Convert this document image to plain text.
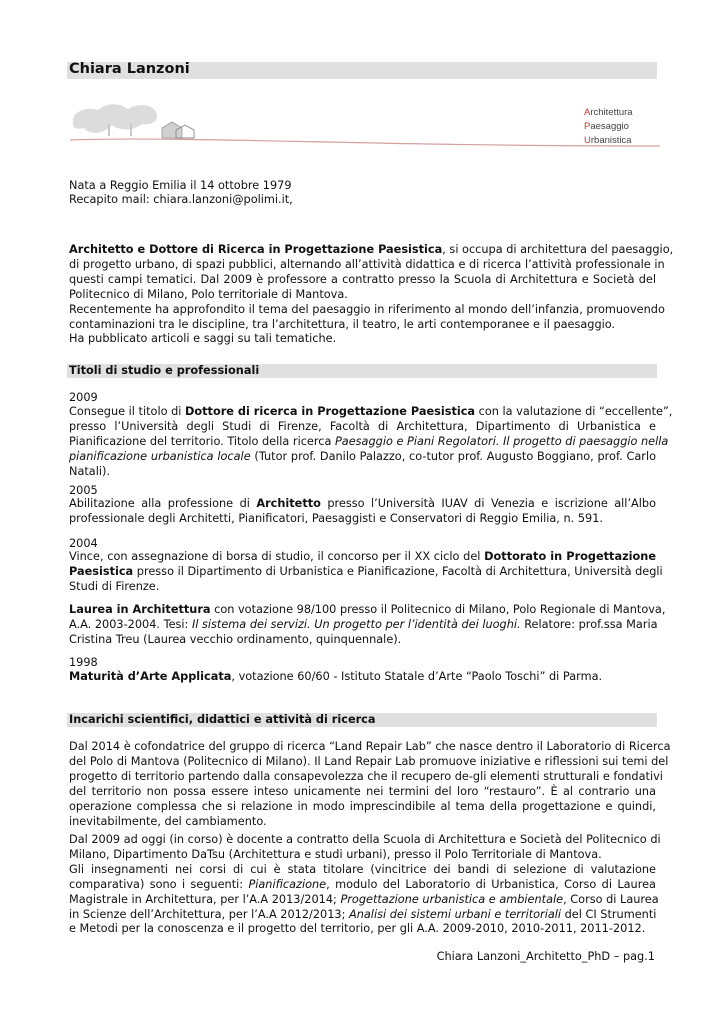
Chiara Lanzoni
Architettura
Paesaggio
Urbanistica

Nata a Reggio Emilia il 14 ottobre 1979

Recapito mail: chiara.lanzoni@polimi.it,

Architetto e Dottore di Ricerca in Progettazione Paesistica, si occupa di architettura del paesaggio,

di progetto urbano, di spazi pubblici, alternando all’attività didattica e di ricerca l’attività professionale in

questi campi tematici. Dal 2009 è professore a contratto presso la Scuola di Architettura e Società del

Politecnico di Milano, Polo territoriale di Mantova.

Recentemente ha approfondito il tema del paesaggio in riferimento al mondo dell’infanzia, promuovendo

contaminazioni tra le discipline, tra l’architettura, il teatro, le arti contemporanee e il paesaggio.

Ha pubblicato articoli e saggi su tali tematiche.

Titoli di studio e professionali

2009

Consegue il titolo di Dottore di ricerca in Progettazione Paesistica con la valutazione di “eccellente”,

presso l’Università degli Studi di Firenze, Facoltà di Architettura, Dipartimento di Urbanistica e

Pianificazione del territorio. Titolo della ricerca Paesaggio e Piani Regolatori. Il progetto di paesaggio nella

pianificazione urbanistica locale (Tutor prof. Danilo Palazzo, co-tutor prof. Augusto Boggiano, prof. Carlo

Natali).

2005

Abilitazione alla professione di Architetto presso l’Università IUAV di Venezia e iscrizione all’Albo

professionale degli Architetti, Pianificatori, Paesaggisti e Conservatori di Reggio Emilia, n. 591.

2004

Vince, con assegnazione di borsa di studio, il concorso per il XX ciclo del Dottorato in Progettazione

Paesistica presso il Dipartimento di Urbanistica e Pianificazione, Facoltà di Architettura, Università degli

Studi di Firenze.

Laurea in Architettura con votazione 98/100 presso il Politecnico di Milano, Polo Regionale di Mantova,

A.A. 2003-2004. Tesi: Il sistema dei servizi. Un progetto per l’identità dei luoghi. Relatore: prof.ssa Maria

Cristina Treu (Laurea vecchio ordinamento, quinquennale).

1998

Maturità d’Arte Applicata, votazione 60/60 - Istituto Statale d’Arte “Paolo Toschi” di Parma.

Incarichi scientifici, didattici e attività di ricerca

Dal 2014 è cofondatrice del gruppo di ricerca “Land Repair Lab” che nasce dentro il Laboratorio di Ricerca

del Polo di Mantova (Politecnico di Milano). Il Land Repair Lab promuove iniziative e riflessioni sui temi del

progetto di territorio partendo dalla consapevolezza che il recupero de-gli elementi strutturali e fondativi

del territorio non possa essere inteso unicamente nei termini del loro “restauro”. È al contrario una

operazione complessa che si relazione in modo imprescindibile al tema della progettazione e quindi,

inevitabilmente, del cambiamento.

Dal 2009 ad oggi (in corso) è docente a contratto della Scuola di Architettura e Società del Politecnico di

Milano, Dipartimento DaTsu (Architettura e studi urbani), presso il Polo Territoriale di Mantova.

Gli insegnamenti nei corsi di cui è stata titolare (vincitrice dei bandi di selezione di valutazione

comparativa) sono i seguenti: Pianificazione, modulo del Laboratorio di Urbanistica, Corso di Laurea

Magistrale in Architettura, per l’A.A 2013/2014; Progettazione urbanistica e ambientale, Corso di Laurea

in Scienze dell’Architettura, per l’A.A 2012/2013; Analisi dei sistemi urbani e territoriali del CI Strumenti

e Metodi per la conoscenza e il progetto del territorio, per gli A.A. 2009-2010, 2010-2011, 2011-2012.

Chiara Lanzoni_Architetto_PhD – pag.1
